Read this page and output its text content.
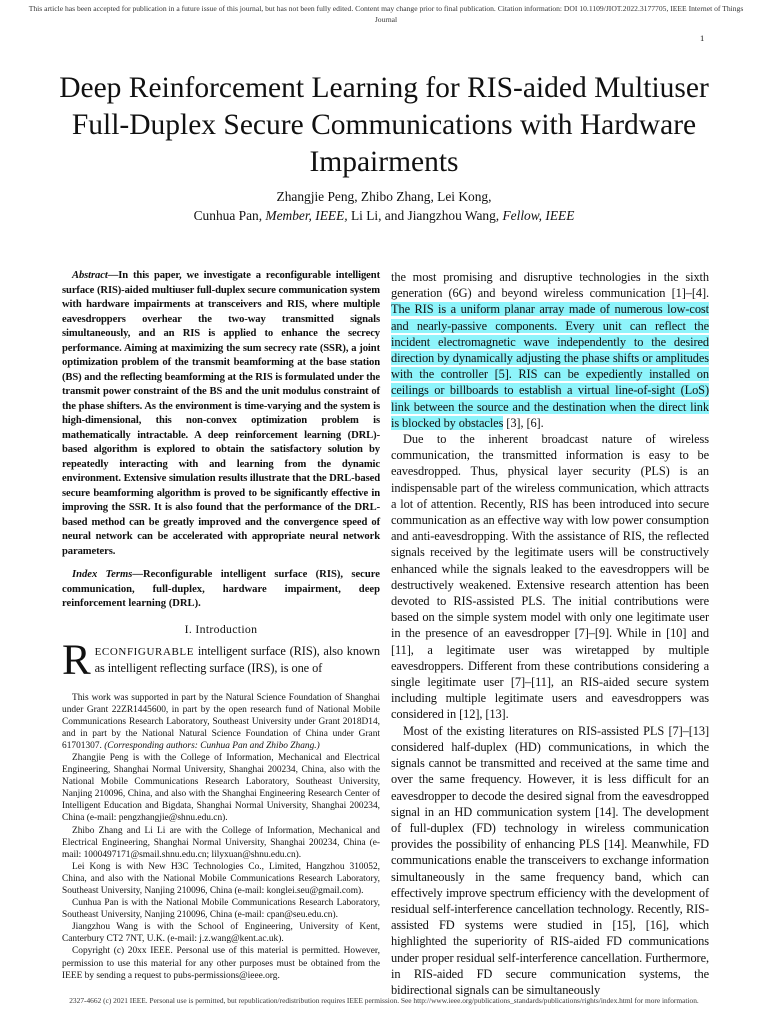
This article has been accepted for publication in a future issue of this journal, but has not been fully edited. Content may change prior to final publication. Citation information: DOI 10.1109/JIOT.2022.3177705, IEEE Internet of Things Journal
1
Deep Reinforcement Learning for RIS-aided Multiuser Full-Duplex Secure Communications with Hardware Impairments
Zhangjie Peng, Zhibo Zhang, Lei Kong,
Cunhua Pan, Member, IEEE, Li Li, and Jiangzhou Wang, Fellow, IEEE

Abstract—In this paper, we investigate a reconfigurable intelligent surface (RIS)-aided multiuser full-duplex secure communication system with hardware impairments at transceivers and RIS, where multiple eavesdroppers overhear the two-way transmitted signals simultaneously, and an RIS is applied to enhance the secrecy performance. Aiming at maximizing the sum secrecy rate (SSR), a joint optimization problem of the transmit beamforming at the base station (BS) and the reflecting beamforming at the RIS is formulated under the transmit power constraint of the BS and the unit modulus constraint of the phase shifters. As the environment is time-varying and the system is high-dimensional, this non-convex optimization problem is mathematically intractable. A deep reinforcement learning (DRL)-based algorithm is explored to obtain the satisfactory solution by repeatedly interacting with and learning from the dynamic environment. Extensive simulation results illustrate that the DRL-based secure beamforming algorithm is proved to be significantly effective in improving the SSR. It is also found that the performance of the DRL-based method can be greatly improved and the convergence speed of neural network can be accelerated with appropriate neural network parameters.

Index Terms—Reconfigurable intelligent surface (RIS), secure communication, full-duplex, hardware impairment, deep reinforcement learning (DRL).

I. Introduction

RECONFIGURABLE intelligent surface (RIS), also known as intelligent reflecting surface (IRS), is one of

This work was supported in part by the Natural Science Foundation of Shanghai under Grant 22ZR1445600, in part by the open research fund of National Mobile Communications Research Laboratory, Southeast University under Grant 2018D14, and in part by the National Natural Science Foundation of China under Grant 61701307. (Corresponding authors: Cunhua Pan and Zhibo Zhang.)

Zhangjie Peng is with the College of Information, Mechanical and Electrical Engineering, Shanghai Normal University, Shanghai 200234, China, also with the National Mobile Communications Research Laboratory, Southeast University, Nanjing 210096, China, and also with the Shanghai Engineering Research Center of Intelligent Education and Bigdata, Shanghai Normal University, Shanghai 200234, China (e-mail: pengzhangjie@shnu.edu.cn).

Zhibo Zhang and Li Li are with the College of Information, Mechanical and Electrical Engineering, Shanghai Normal University, Shanghai 200234, China (e-mail: 1000497171@smail.shnu.edu.cn; lilyxuan@shnu.edu.cn).

Lei Kong is with New H3C Technologies Co., Limited, Hangzhou 310052, China, and also with the National Mobile Communications Research Laboratory, Southeast University, Nanjing 210096, China (e-mail: konglei.seu@gmail.com).

Cunhua Pan is with the National Mobile Communications Research Laboratory, Southeast University, Nanjing 210096, China (e-mail: cpan@seu.edu.cn).

Jiangzhou Wang is with the School of Engineering, University of Kent, Canterbury CT2 7NT, U.K. (e-mail: j.z.wang@kent.ac.uk).

Copyright (c) 20xx IEEE. Personal use of this material is permitted. However, permission to use this material for any other purposes must be obtained from the IEEE by sending a request to pubs-permissions@ieee.org.

the most promising and disruptive technologies in the sixth generation (6G) and beyond wireless communication [1]–[4]. The RIS is a uniform planar array made of numerous low-cost and nearly-passive components. Every unit can reflect the incident electromagnetic wave independently to the desired direction by dynamically adjusting the phase shifts or amplitudes with the controller [5]. RIS can be expediently installed on ceilings or billboards to establish a virtual line-of-sight (LoS) link between the source and the destination when the direct link is blocked by obstacles [3], [6].

Due to the inherent broadcast nature of wireless communication, the transmitted information is easy to be eavesdropped. Thus, physical layer security (PLS) is an indispensable part of the wireless communication, which attracts a lot of attention. Recently, RIS has been introduced into secure communication as an effective way with low power consumption and anti-eavesdropping. With the assistance of RIS, the reflected signals received by the legitimate users will be constructively enhanced while the signals leaked to the eavesdroppers will be destructively weakened. Extensive research attention has been devoted to RIS-assisted PLS. The initial contributions were based on the simple system model with only one legitimate user in the presence of an eavesdropper [7]–[9]. While in [10] and [11], a legitimate user was wiretapped by multiple eavesdroppers. Different from these contributions considering a single legitimate user [7]–[11], an RIS-aided secure system including multiple legitimate users and eavesdroppers was considered in [12], [13].

Most of the existing literatures on RIS-assisted PLS [7]–[13] considered half-duplex (HD) communications, in which the signals cannot be transmitted and received at the same time and over the same frequency. However, it is less difficult for an eavesdropper to decode the desired signal from the eavesdropped signal in an HD communication system [14]. The development of full-duplex (FD) technology in wireless communication provides the possibility of enhancing PLS [14]. Meanwhile, FD communications enable the transceivers to exchange information simultaneously in the same frequency band, which can effectively improve spectrum efficiency with the development of residual self-interference cancellation technology. Recently, RIS-assisted FD systems were studied in [15], [16], which highlighted the superiority of RIS-aided FD communications under proper residual self-interference cancellation. Furthermore, in RIS-aided FD secure communication systems, the bidirectional signals can be simultaneously

2327-4662 (c) 2021 IEEE. Personal use is permitted, but republication/redistribution requires IEEE permission. See http://www.ieee.org/publications_standards/publications/rights/index.html for more information.
